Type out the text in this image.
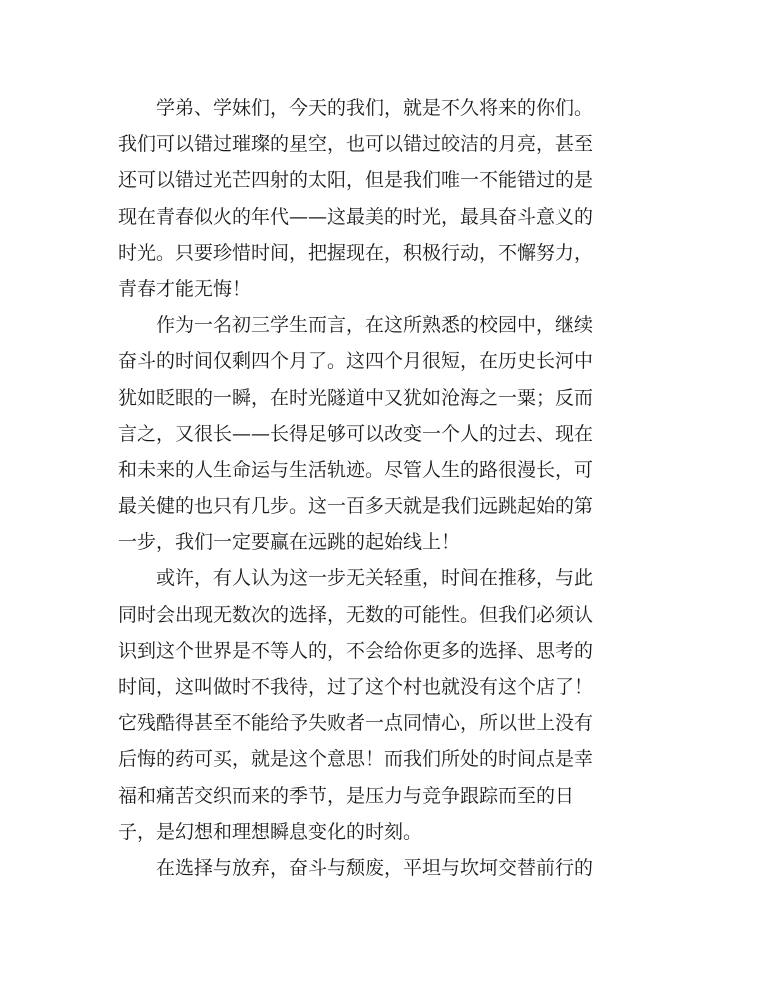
学弟、学妹们，今天的我们，就是不久将来的你们。
我们可以错过璀璨的星空，也可以错过皎洁的月亮，甚至
还可以错过光芒四射的太阳，但是我们唯一不能错过的是
现在青春似火的年代——这最美的时光，最具奋斗意义的
时光。只要珍惜时间，把握现在，积极行动，不懈努力，
青春才能无悔！
作为一名初三学生而言，在这所熟悉的校园中，继续
奋斗的时间仅剩四个月了。这四个月很短，在历史长河中
犹如眨眼的一瞬，在时光隧道中又犹如沧海之一粟；反而
言之，又很长——长得足够可以改变一个人的过去、现在
和未来的人生命运与生活轨迹。尽管人生的路很漫长，可
最关健的也只有几步。这一百多天就是我们远跳起始的第
一步，我们一定要赢在远跳的起始线上！
或许，有人认为这一步无关轻重，时间在推移，与此
同时会出现无数次的选择，无数的可能性。但我们必须认
识到这个世界是不等人的，不会给你更多的选择、思考的
时间，这叫做时不我待，过了这个村也就没有这个店了！
它残酷得甚至不能给予失败者一点同情心，所以世上没有
后悔的药可买，就是这个意思！而我们所处的时间点是幸
福和痛苦交织而来的季节，是压力与竞争跟踪而至的日
子，是幻想和理想瞬息变化的时刻。
在选择与放弃，奋斗与颓废，平坦与坎坷交替前行的
